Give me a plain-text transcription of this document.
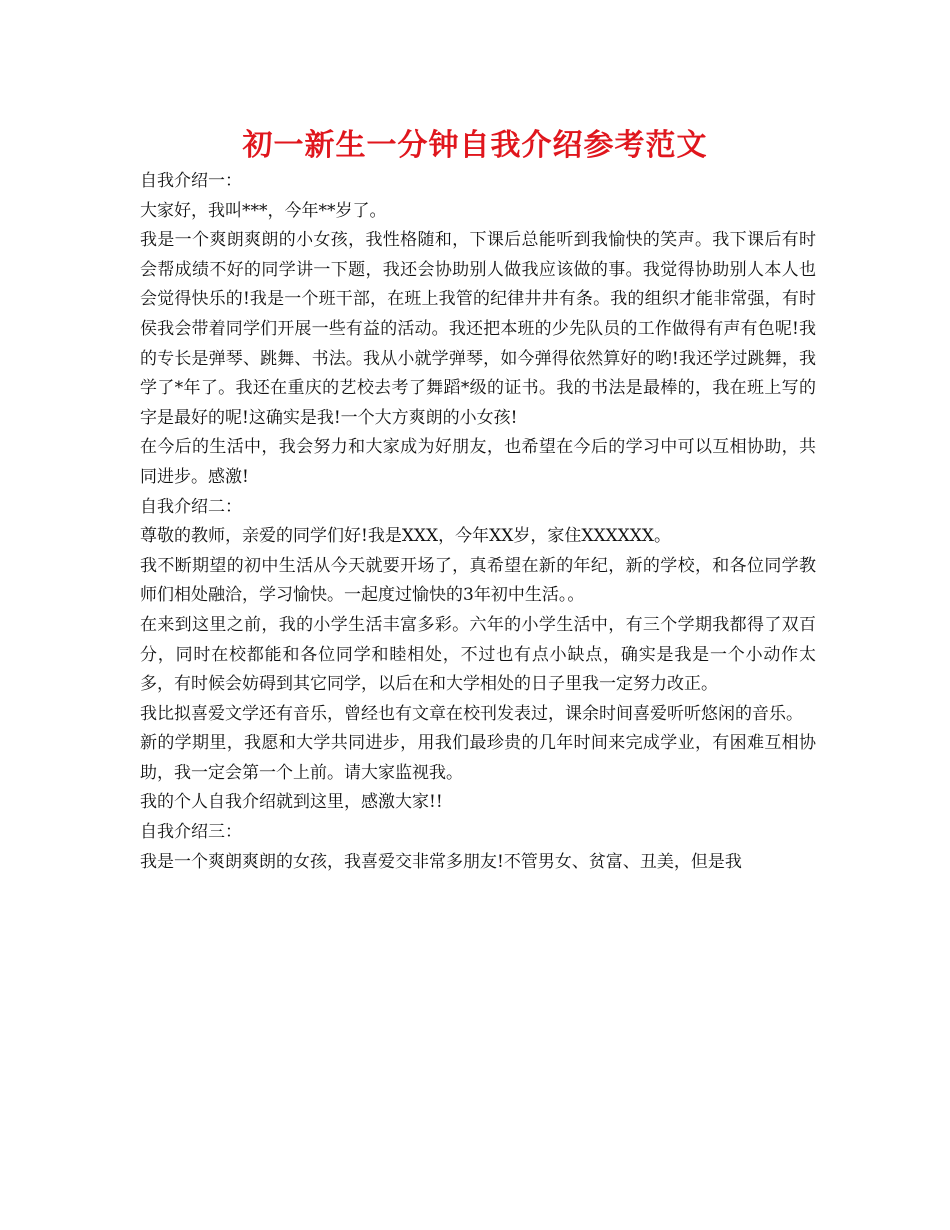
初一新生一分钟自我介绍参考范文

自我介绍一：

大家好，我叫***，今年**岁了。

我是一个爽朗爽朗的小女孩，我性格随和，下课后总能听到我愉快的笑声。我下课后有时会帮成绩不好的同学讲一下题，我还会协助别人做我应该做的事。我觉得协助别人本人也会觉得快乐的!我是一个班干部，在班上我管的纪律井井有条。我的组织才能非常强，有时侯我会带着同学们开展一些有益的活动。我还把本班的少先队员的工作做得有声有色呢!我的专长是弹琴、跳舞、书法。我从小就学弹琴，如今弹得依然算好的哟!我还学过跳舞，我学了*年了。我还在重庆的艺校去考了舞蹈*级的证书。我的书法是最棒的，我在班上写的字是最好的呢!这确实是我!一个大方爽朗的小女孩!

在今后的生活中，我会努力和大家成为好朋友，也希望在今后的学习中可以互相协助，共同进步。感激!

自我介绍二：

尊敬的教师，亲爱的同学们好!我是XXX，今年XX岁，家住XXXXXX。

我不断期望的初中生活从今天就要开场了，真希望在新的年纪，新的学校，和各位同学教师们相处融洽，学习愉快。一起度过愉快的3年初中生活。。

在来到这里之前，我的小学生活丰富多彩。六年的小学生活中，有三个学期我都得了双百分，同时在校都能和各位同学和睦相处，不过也有点小缺点，确实是我是一个小动作太多，有时候会妨碍到其它同学，以后在和大学相处的日子里我一定努力改正。

我比拟喜爱文学还有音乐，曾经也有文章在校刊发表过，课余时间喜爱听听悠闲的音乐。

新的学期里，我愿和大学共同进步，用我们最珍贵的几年时间来完成学业，有困难互相协助，我一定会第一个上前。请大家监视我。

我的个人自我介绍就到这里，感激大家!!

自我介绍三：

我是一个爽朗爽朗的女孩，我喜爱交非常多朋友!不管男女、贫富、丑美，但是我
